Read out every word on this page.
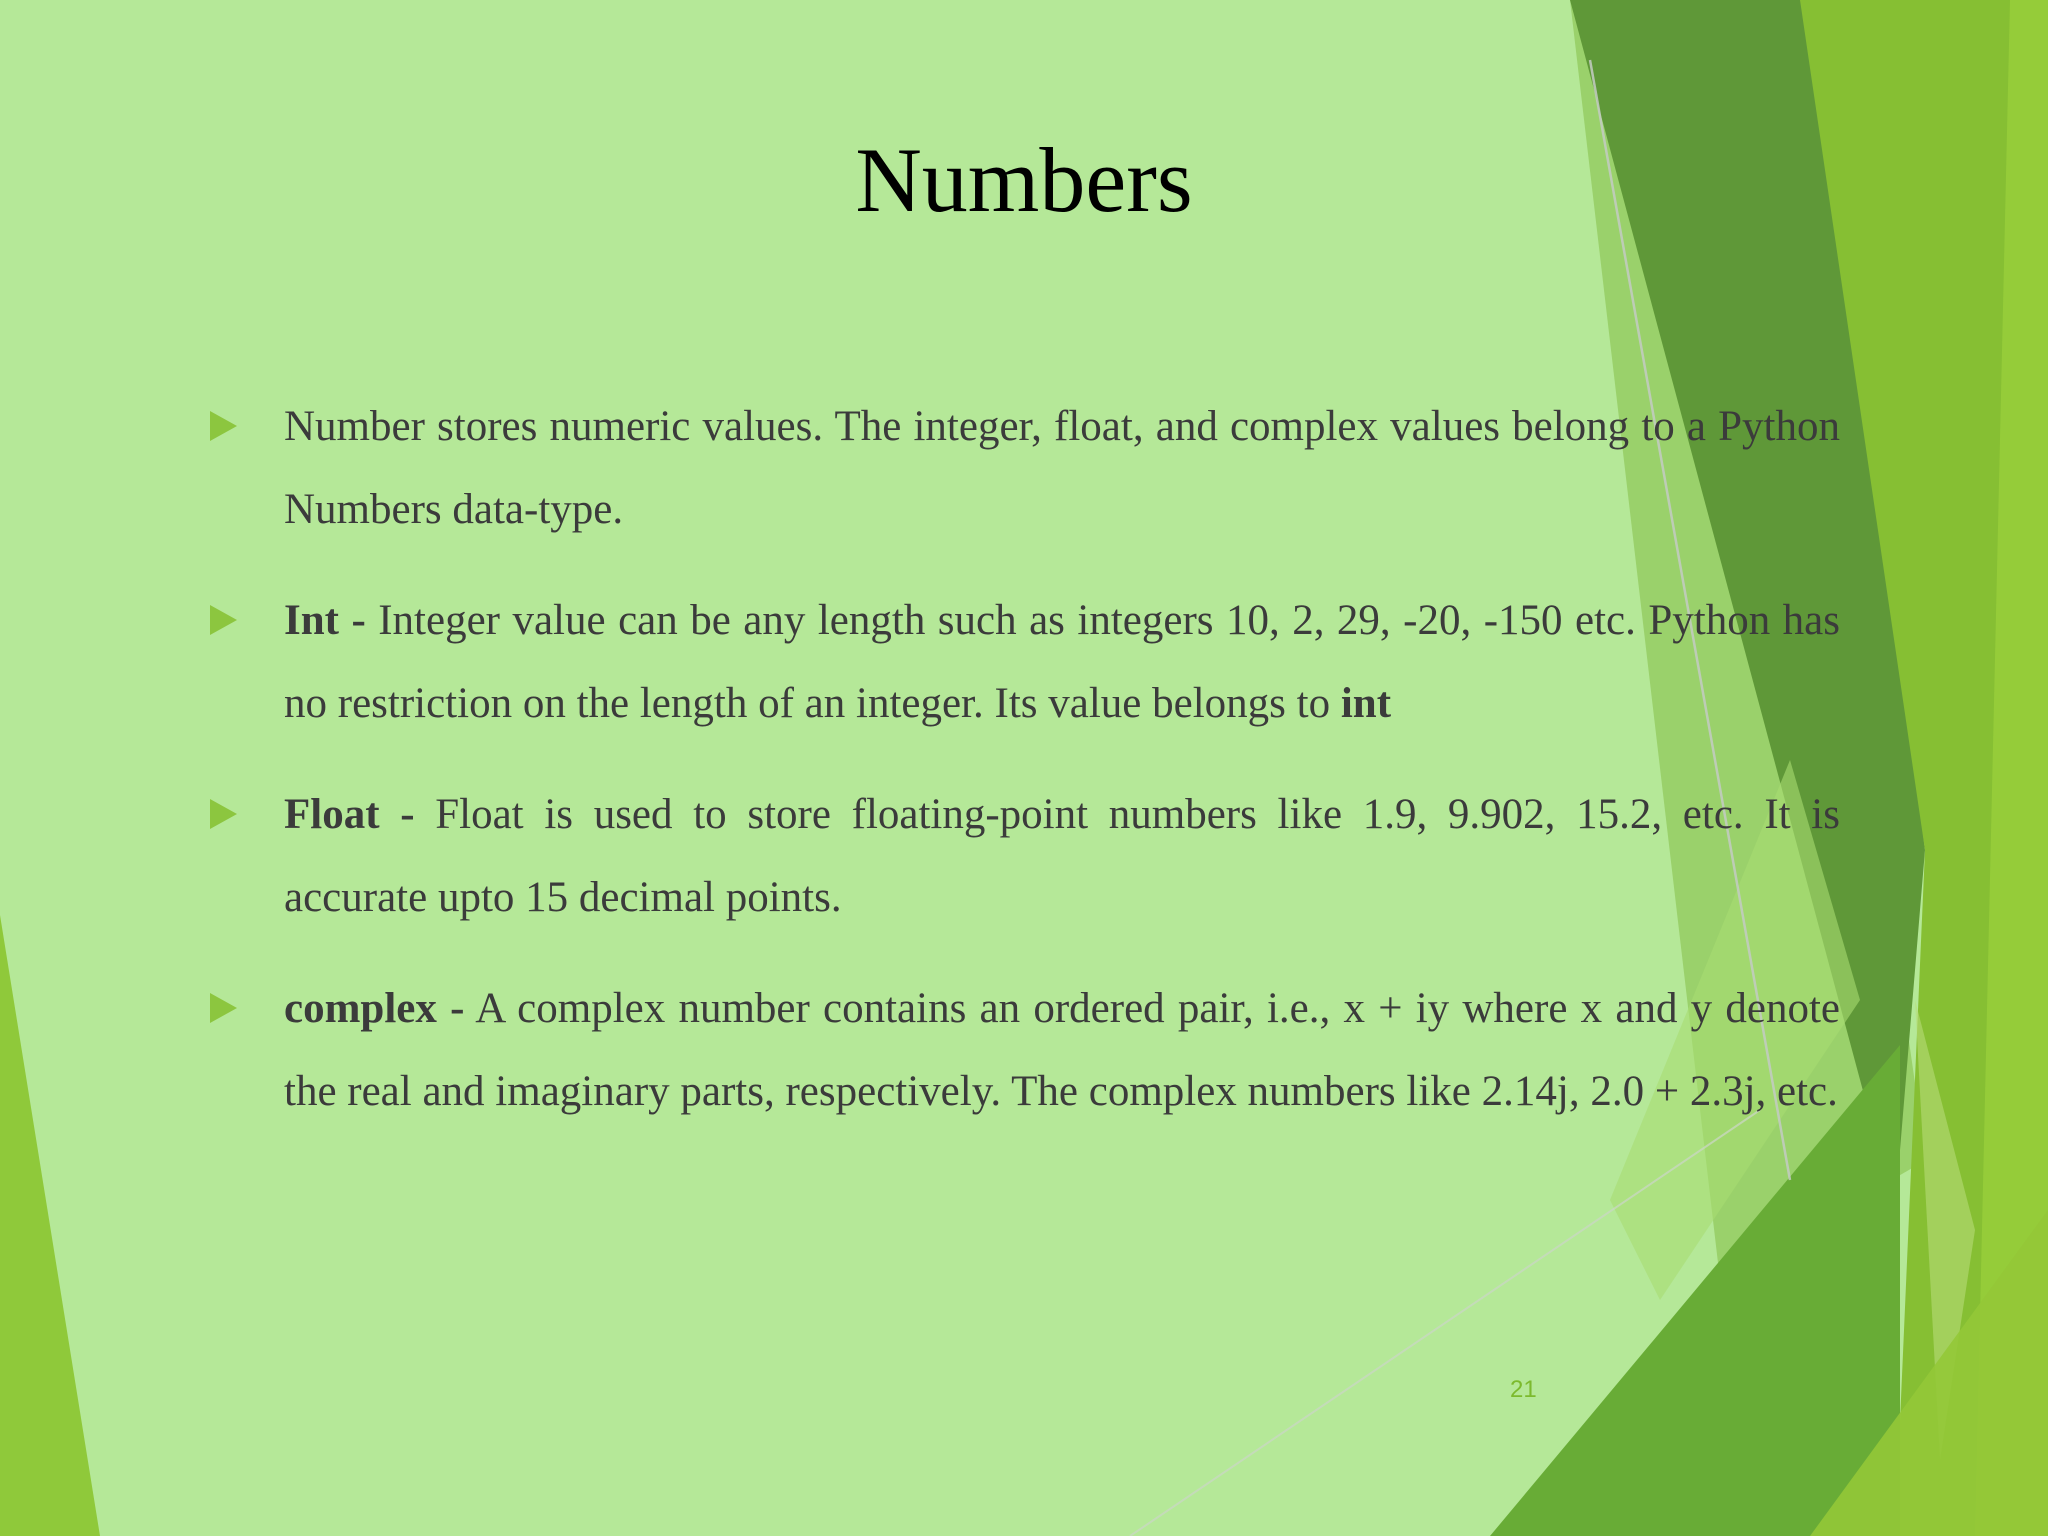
Numbers
Number stores numeric values. The integer, float, and complex values belong to a Python Numbers data-type.
Int - Integer value can be any length such as integers 10, 2, 29, -20, -150 etc. Python has no restriction on the length of an integer. Its value belongs to int
Float - Float is used to store floating-point numbers like 1.9, 9.902, 15.2, etc. It is accurate upto 15 decimal points.
complex - A complex number contains an ordered pair, i.e., x + iy where x and y denote the real and imaginary parts, respectively. The complex numbers like 2.14j, 2.0 + 2.3j, etc.
21
